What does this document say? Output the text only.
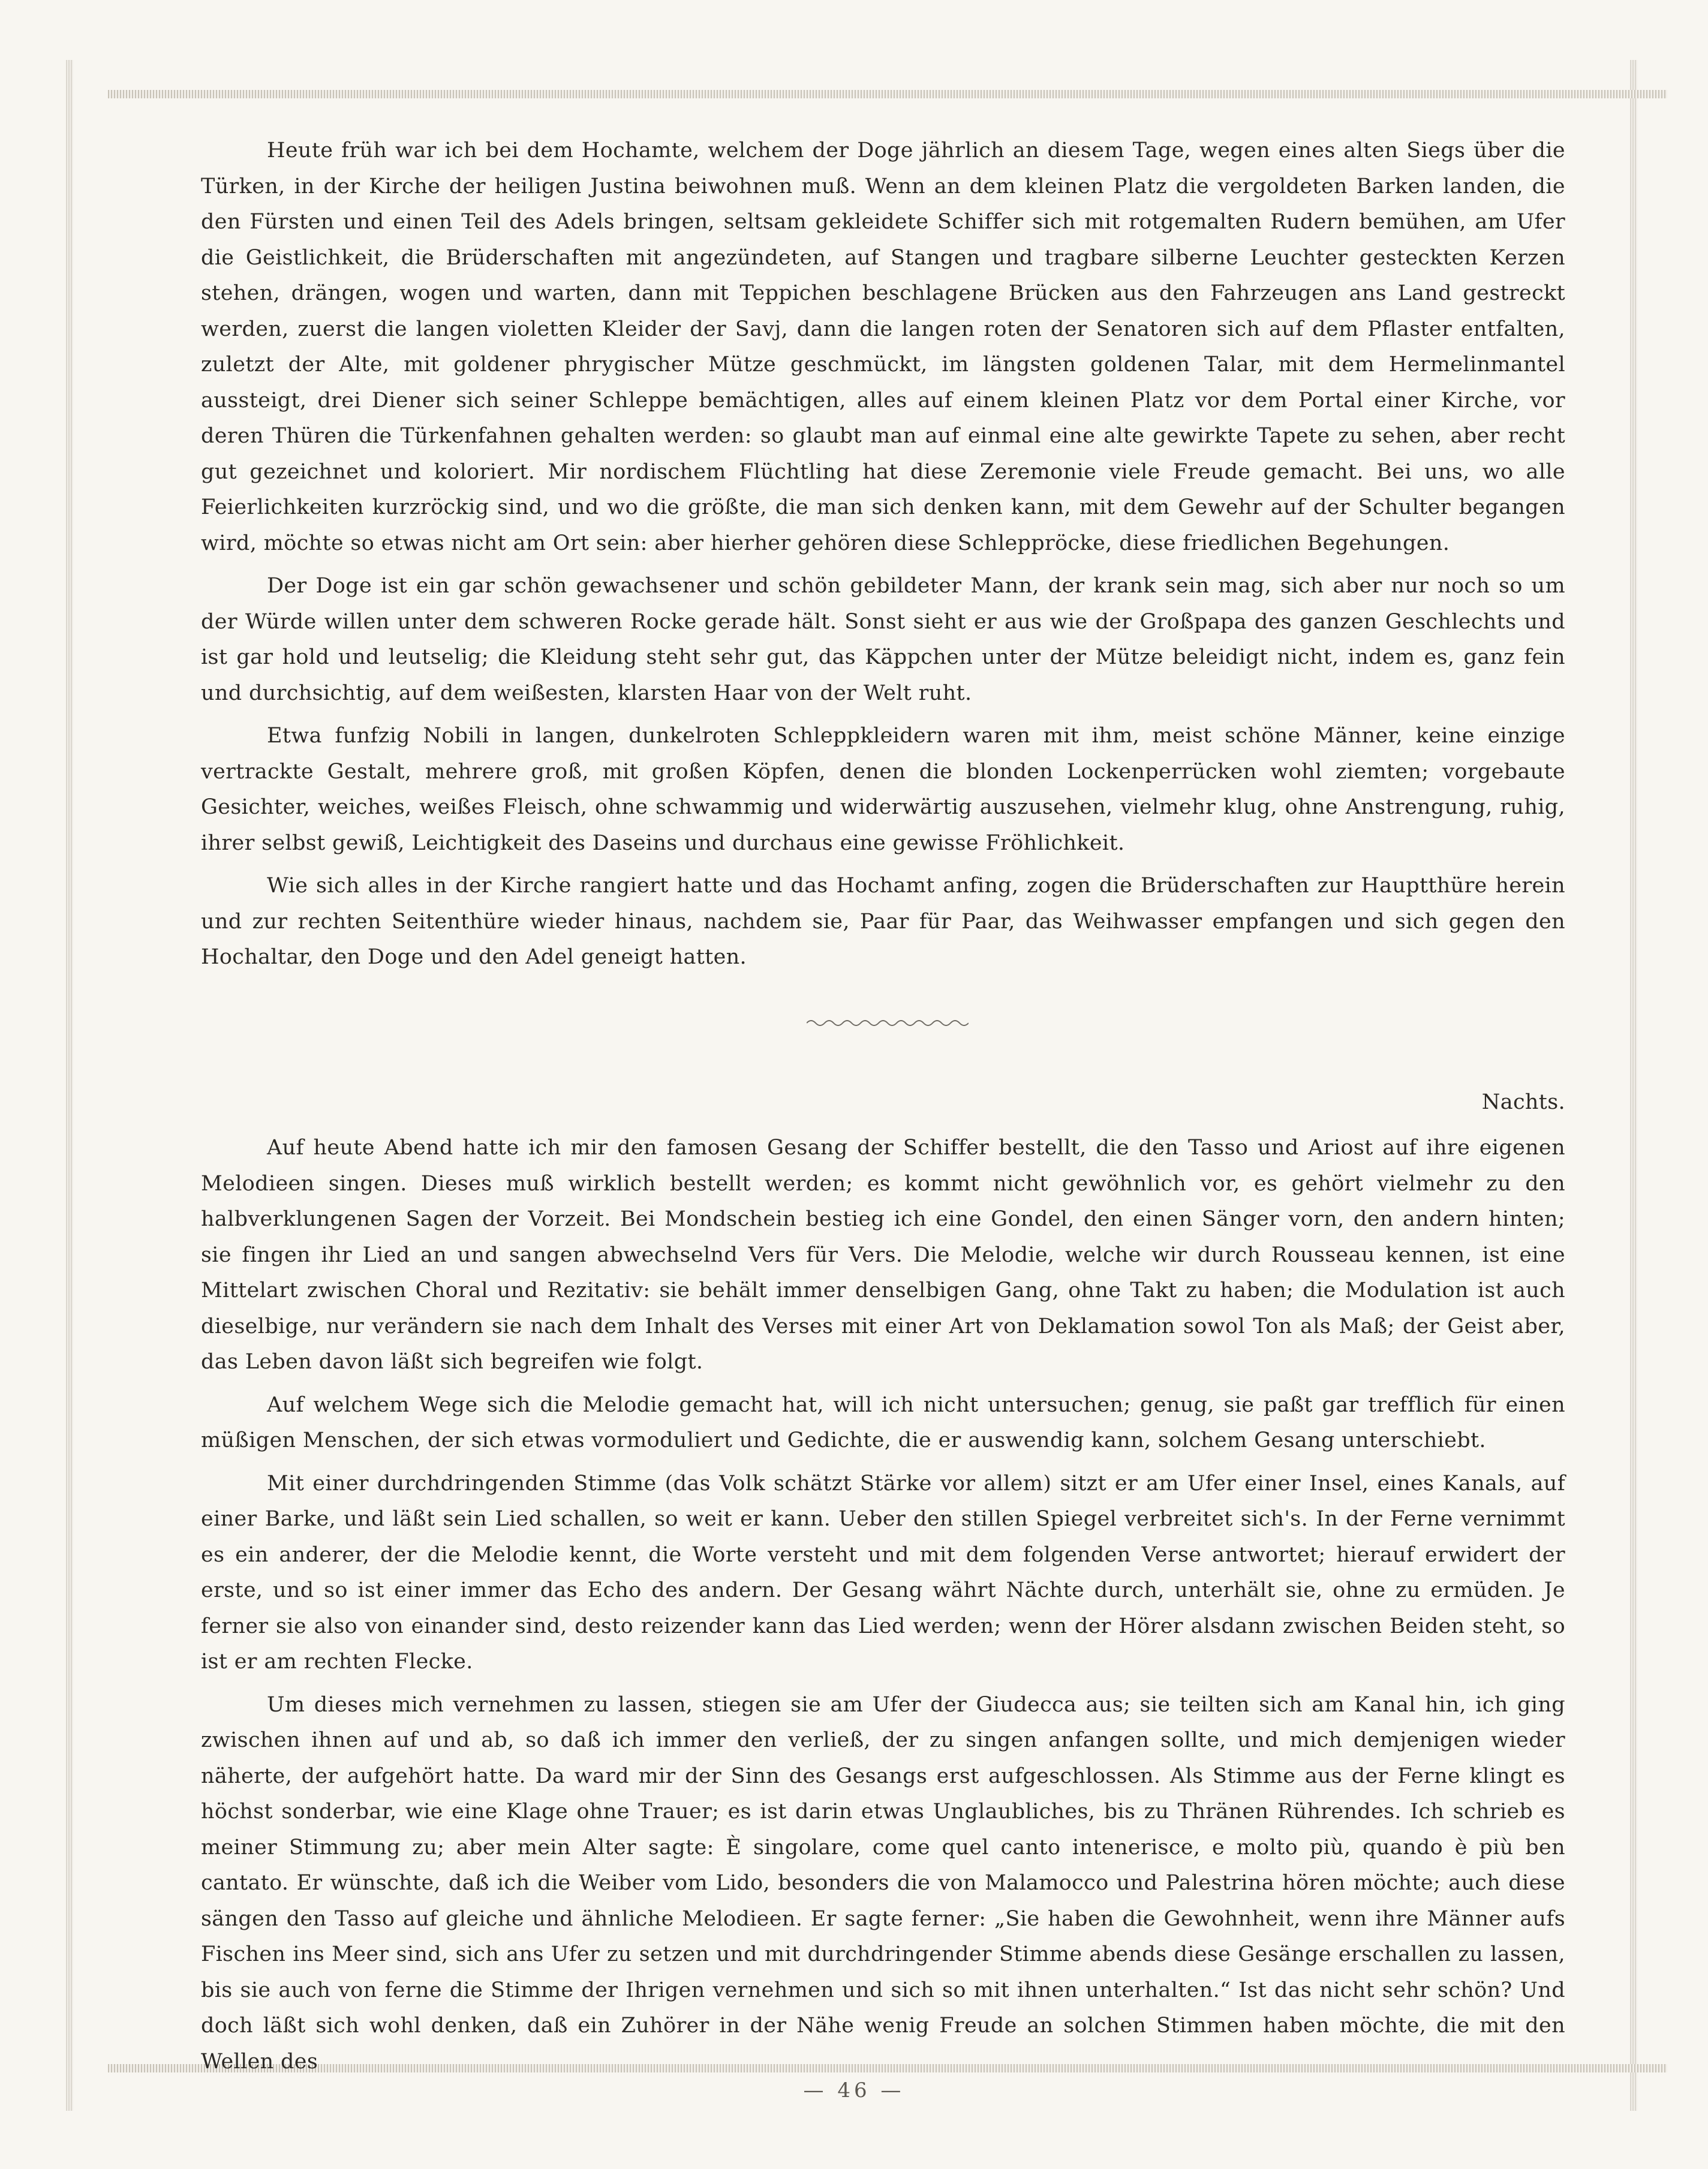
Heute früh war ich bei dem Hochamte, welchem der Doge jährlich an diesem Tage, wegen eines alten Siegs über die Türken, in der Kirche der heiligen Justina beiwohnen muß. Wenn an dem kleinen Platz die vergoldeten Barken landen, die den Fürsten und einen Teil des Adels bringen, seltsam gekleidete Schiffer sich mit rotgemalten Rudern bemühen, am Ufer die Geistlichkeit, die Brüderschaften mit angezündeten, auf Stangen und tragbare silberne Leuchter gesteckten Kerzen stehen, drängen, wogen und warten, dann mit Teppichen beschlagene Brücken aus den Fahrzeugen ans Land gestreckt werden, zuerst die langen violetten Kleider der Savj, dann die langen roten der Senatoren sich auf dem Pflaster entfalten, zuletzt der Alte, mit goldener phrygischer Mütze geschmückt, im längsten goldenen Talar, mit dem Hermelinmantel aussteigt, drei Diener sich seiner Schleppe bemächtigen, alles auf einem kleinen Platz vor dem Portal einer Kirche, vor deren Thüren die Türkenfahnen gehalten werden: so glaubt man auf einmal eine alte gewirkte Tapete zu sehen, aber recht gut gezeichnet und koloriert. Mir nordischem Flüchtling hat diese Zeremonie viele Freude gemacht. Bei uns, wo alle Feierlichkeiten kurzröckig sind, und wo die größte, die man sich denken kann, mit dem Gewehr auf der Schulter begangen wird, möchte so etwas nicht am Ort sein: aber hierher gehören diese Schleppröcke, diese friedlichen Begehungen.

Der Doge ist ein gar schön gewachsener und schön gebildeter Mann, der krank sein mag, sich aber nur noch so um der Würde willen unter dem schweren Rocke gerade hält. Sonst sieht er aus wie der Großpapa des ganzen Geschlechts und ist gar hold und leutselig; die Kleidung steht sehr gut, das Käppchen unter der Mütze beleidigt nicht, indem es, ganz fein und durchsichtig, auf dem weißesten, klarsten Haar von der Welt ruht.

Etwa funfzig Nobili in langen, dunkelroten Schleppkleidern waren mit ihm, meist schöne Männer, keine einzige vertrackte Gestalt, mehrere groß, mit großen Köpfen, denen die blonden Lockenperrücken wohl ziemten; vorgebaute Gesichter, weiches, weißes Fleisch, ohne schwammig und widerwärtig auszusehen, vielmehr klug, ohne Anstrengung, ruhig, ihrer selbst gewiß, Leichtigkeit des Daseins und durchaus eine gewisse Fröhlichkeit.

Wie sich alles in der Kirche rangiert hatte und das Hochamt anfing, zogen die Brüderschaften zur Hauptthüre herein und zur rechten Seitenthüre wieder hinaus, nachdem sie, Paar für Paar, das Weihwasser empfangen und sich gegen den Hochaltar, den Doge und den Adel geneigt hatten.

Nachts.

Auf heute Abend hatte ich mir den famosen Gesang der Schiffer bestellt, die den Tasso und Ariost auf ihre eigenen Melodieen singen. Dieses muß wirklich bestellt werden; es kommt nicht gewöhnlich vor, es gehört vielmehr zu den halbverklungenen Sagen der Vorzeit. Bei Mondschein bestieg ich eine Gondel, den einen Sänger vorn, den andern hinten; sie fingen ihr Lied an und sangen abwechselnd Vers für Vers. Die Melodie, welche wir durch Rousseau kennen, ist eine Mittelart zwischen Choral und Rezitativ: sie behält immer denselbigen Gang, ohne Takt zu haben; die Modulation ist auch dieselbige, nur verändern sie nach dem Inhalt des Verses mit einer Art von Deklamation sowol Ton als Maß; der Geist aber, das Leben davon läßt sich begreifen wie folgt.

Auf welchem Wege sich die Melodie gemacht hat, will ich nicht untersuchen; genug, sie paßt gar trefflich für einen müßigen Menschen, der sich etwas vormoduliert und Gedichte, die er auswendig kann, solchem Gesang unterschiebt.

Mit einer durchdringenden Stimme (das Volk schätzt Stärke vor allem) sitzt er am Ufer einer Insel, eines Kanals, auf einer Barke, und läßt sein Lied schallen, so weit er kann. Ueber den stillen Spiegel verbreitet sich's. In der Ferne vernimmt es ein anderer, der die Melodie kennt, die Worte versteht und mit dem folgenden Verse antwortet; hierauf erwidert der erste, und so ist einer immer das Echo des andern. Der Gesang währt Nächte durch, unterhält sie, ohne zu ermüden. Je ferner sie also von einander sind, desto reizender kann das Lied werden; wenn der Hörer alsdann zwischen Beiden steht, so ist er am rechten Flecke.

Um dieses mich vernehmen zu lassen, stiegen sie am Ufer der Giudecca aus; sie teilten sich am Kanal hin, ich ging zwischen ihnen auf und ab, so daß ich immer den verließ, der zu singen anfangen sollte, und mich demjenigen wieder näherte, der aufgehört hatte. Da ward mir der Sinn des Gesangs erst aufgeschlossen. Als Stimme aus der Ferne klingt es höchst sonderbar, wie eine Klage ohne Trauer; es ist darin etwas Unglaubliches, bis zu Thränen Rührendes. Ich schrieb es meiner Stimmung zu; aber mein Alter sagte: È singolare, come quel canto intenerisce, e molto più, quando è più ben cantato. Er wünschte, daß ich die Weiber vom Lido, besonders die von Malamocco und Palestrina hören möchte; auch diese sängen den Tasso auf gleiche und ähnliche Melodieen. Er sagte ferner: „Sie haben die Gewohnheit, wenn ihre Männer aufs Fischen ins Meer sind, sich ans Ufer zu setzen und mit durchdringender Stimme abends diese Gesänge erschallen zu lassen, bis sie auch von ferne die Stimme der Ihrigen vernehmen und sich so mit ihnen unterhalten.“ Ist das nicht sehr schön? Und doch läßt sich wohl denken, daß ein Zuhörer in der Nähe wenig Freude an solchen Stimmen haben möchte, die mit den Wellen des

— 46 —
